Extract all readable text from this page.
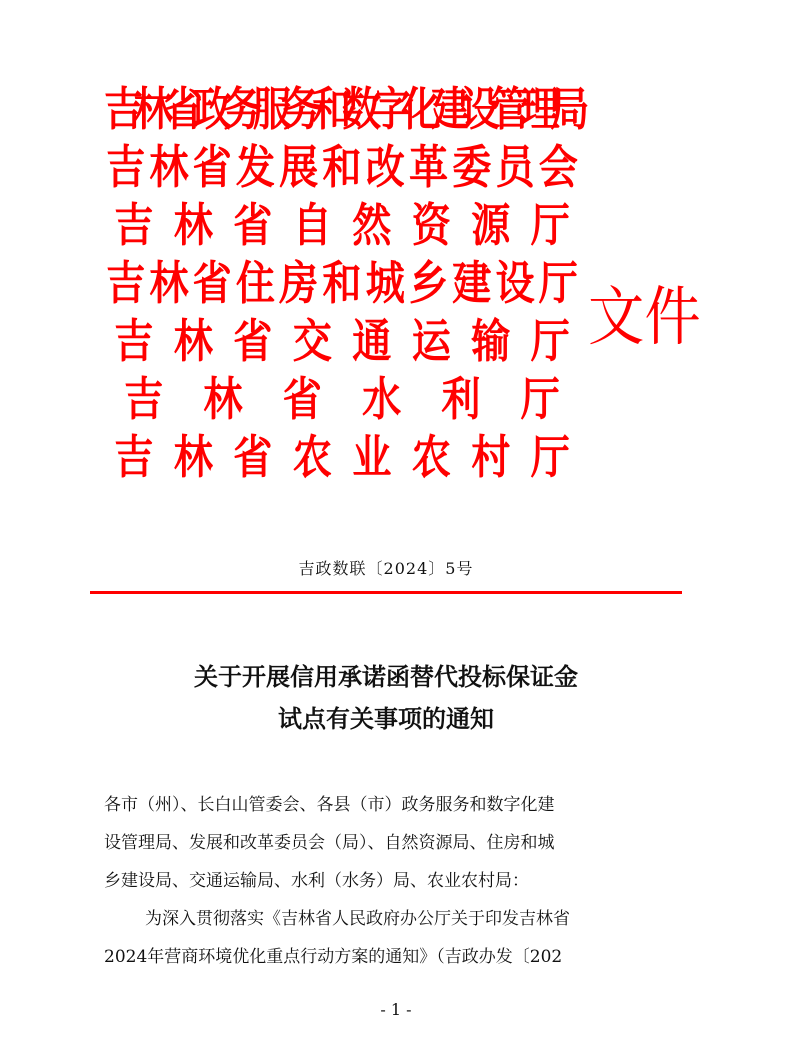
吉
林
省
政
务
服
务
和
数
字
化
建
设
管
理
局
吉 林 省 发 展 和 改 革 委 员 会
吉 林 省 自 然 资 源 厅
吉 林 省 住 房 和 城 乡 建 设 厅
吉 林 省 交 通 运 输 厅
吉 林 省 水 利 厅
吉 林 省 农 业 农 村 厅
文件
吉政数联〔2024〕5号
关于开展信用承诺函替代投标保证金
试点有关事项的通知
各市（州）、长白山管委会、各县（市）政务服务和数字化建
设管理局、发展和改革委员会（局）、自然资源局、住房和城
乡建设局、交通运输局、水利（水务）局、农业农村局：
为深入贯彻落实《吉林省人民政府办公厅关于印发吉林省
2024年营商环境优化重点行动方案的通知》（吉政办发〔202
- 1 -
